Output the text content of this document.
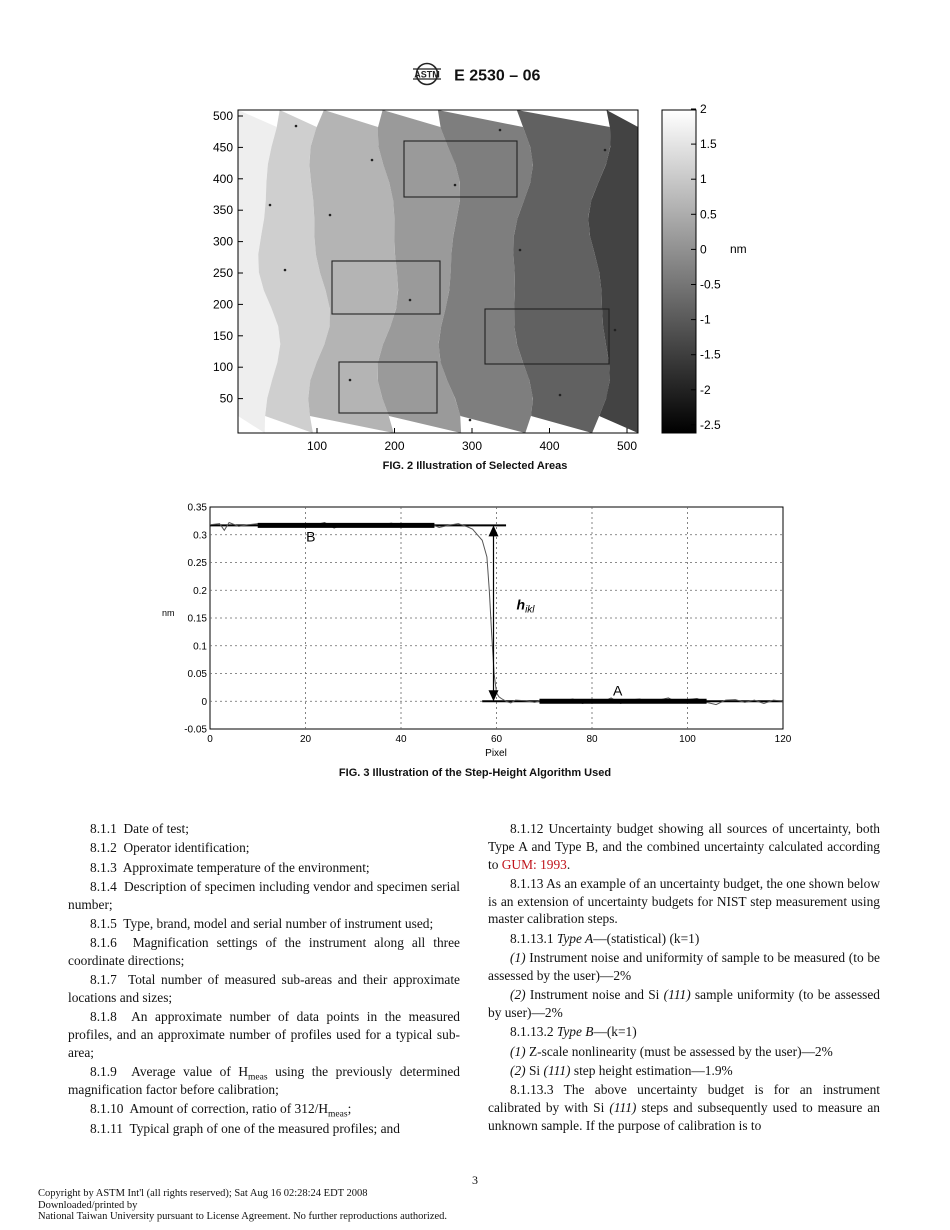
ASTM E 2530 – 06
500
450
400
350
300
250
200
150
100
50
100	200	300	400	500
2
1.5
1
0.5
0
-0.5
-1
-1.5
-2
-2.5
nm
FIG. 2 Illustration of Selected Areas
B
A
$h_{ikl}$
-0.05
0
0.05
0.1
0.15
0.2
0.25
0.3
0.35
0	20	40	60	80	100	120
nm
Pixel
FIG. 3 Illustration of the Step-Height Algorithm Used

8.1.1 Date of test;

8.1.2 Operator identification;

8.1.3 Approximate temperature of the environment;

8.1.4 Description of specimen including vendor and specimen serial number;

8.1.5 Type, brand, model and serial number of instrument used;

8.1.6 Magnification settings of the instrument along all three coordinate directions;

8.1.7 Total number of measured sub-areas and their approximate locations and sizes;

8.1.8 An approximate number of data points in the measured profiles, and an approximate number of profiles used for a typical sub-area;

8.1.9 Average value of $H_{meas}$ using the previously determined magnification factor before calibration;

8.1.10 Amount of correction, ratio of $312/H_{meas}$;

8.1.11 Typical graph of one of the measured profiles; and

8.1.12 Uncertainty budget showing all sources of uncertainty, both Type A and Type B, and the combined uncertainty calculated according to GUM: 1993.

8.1.13 As an example of an uncertainty budget, the one shown below is an extension of uncertainty budgets for NIST step measurement using master calibration steps.

8.1.13.1 Type A—(statistical) (k=1)

(1) Instrument noise and uniformity of sample to be measured (to be assessed by the user)—2%

(2) Instrument noise and Si (111) sample uniformity (to be assessed by user)—2%

8.1.13.2 Type B—(k=1)

(1) Z-scale nonlinearity (must be assessed by the user)—2%

(2) Si (111) step height estimation—1.9%

8.1.13.3 The above uncertainty budget is for an instrument calibrated by with Si (111) steps and subsequently used to measure an unknown sample. If the purpose of calibration is to

3
Copyright by ASTM Int'l (all rights reserved); Sat Aug 16 02:28:24 EDT 2008
Downloaded/printed by
National Taiwan University pursuant to License Agreement. No further reproductions authorized.
